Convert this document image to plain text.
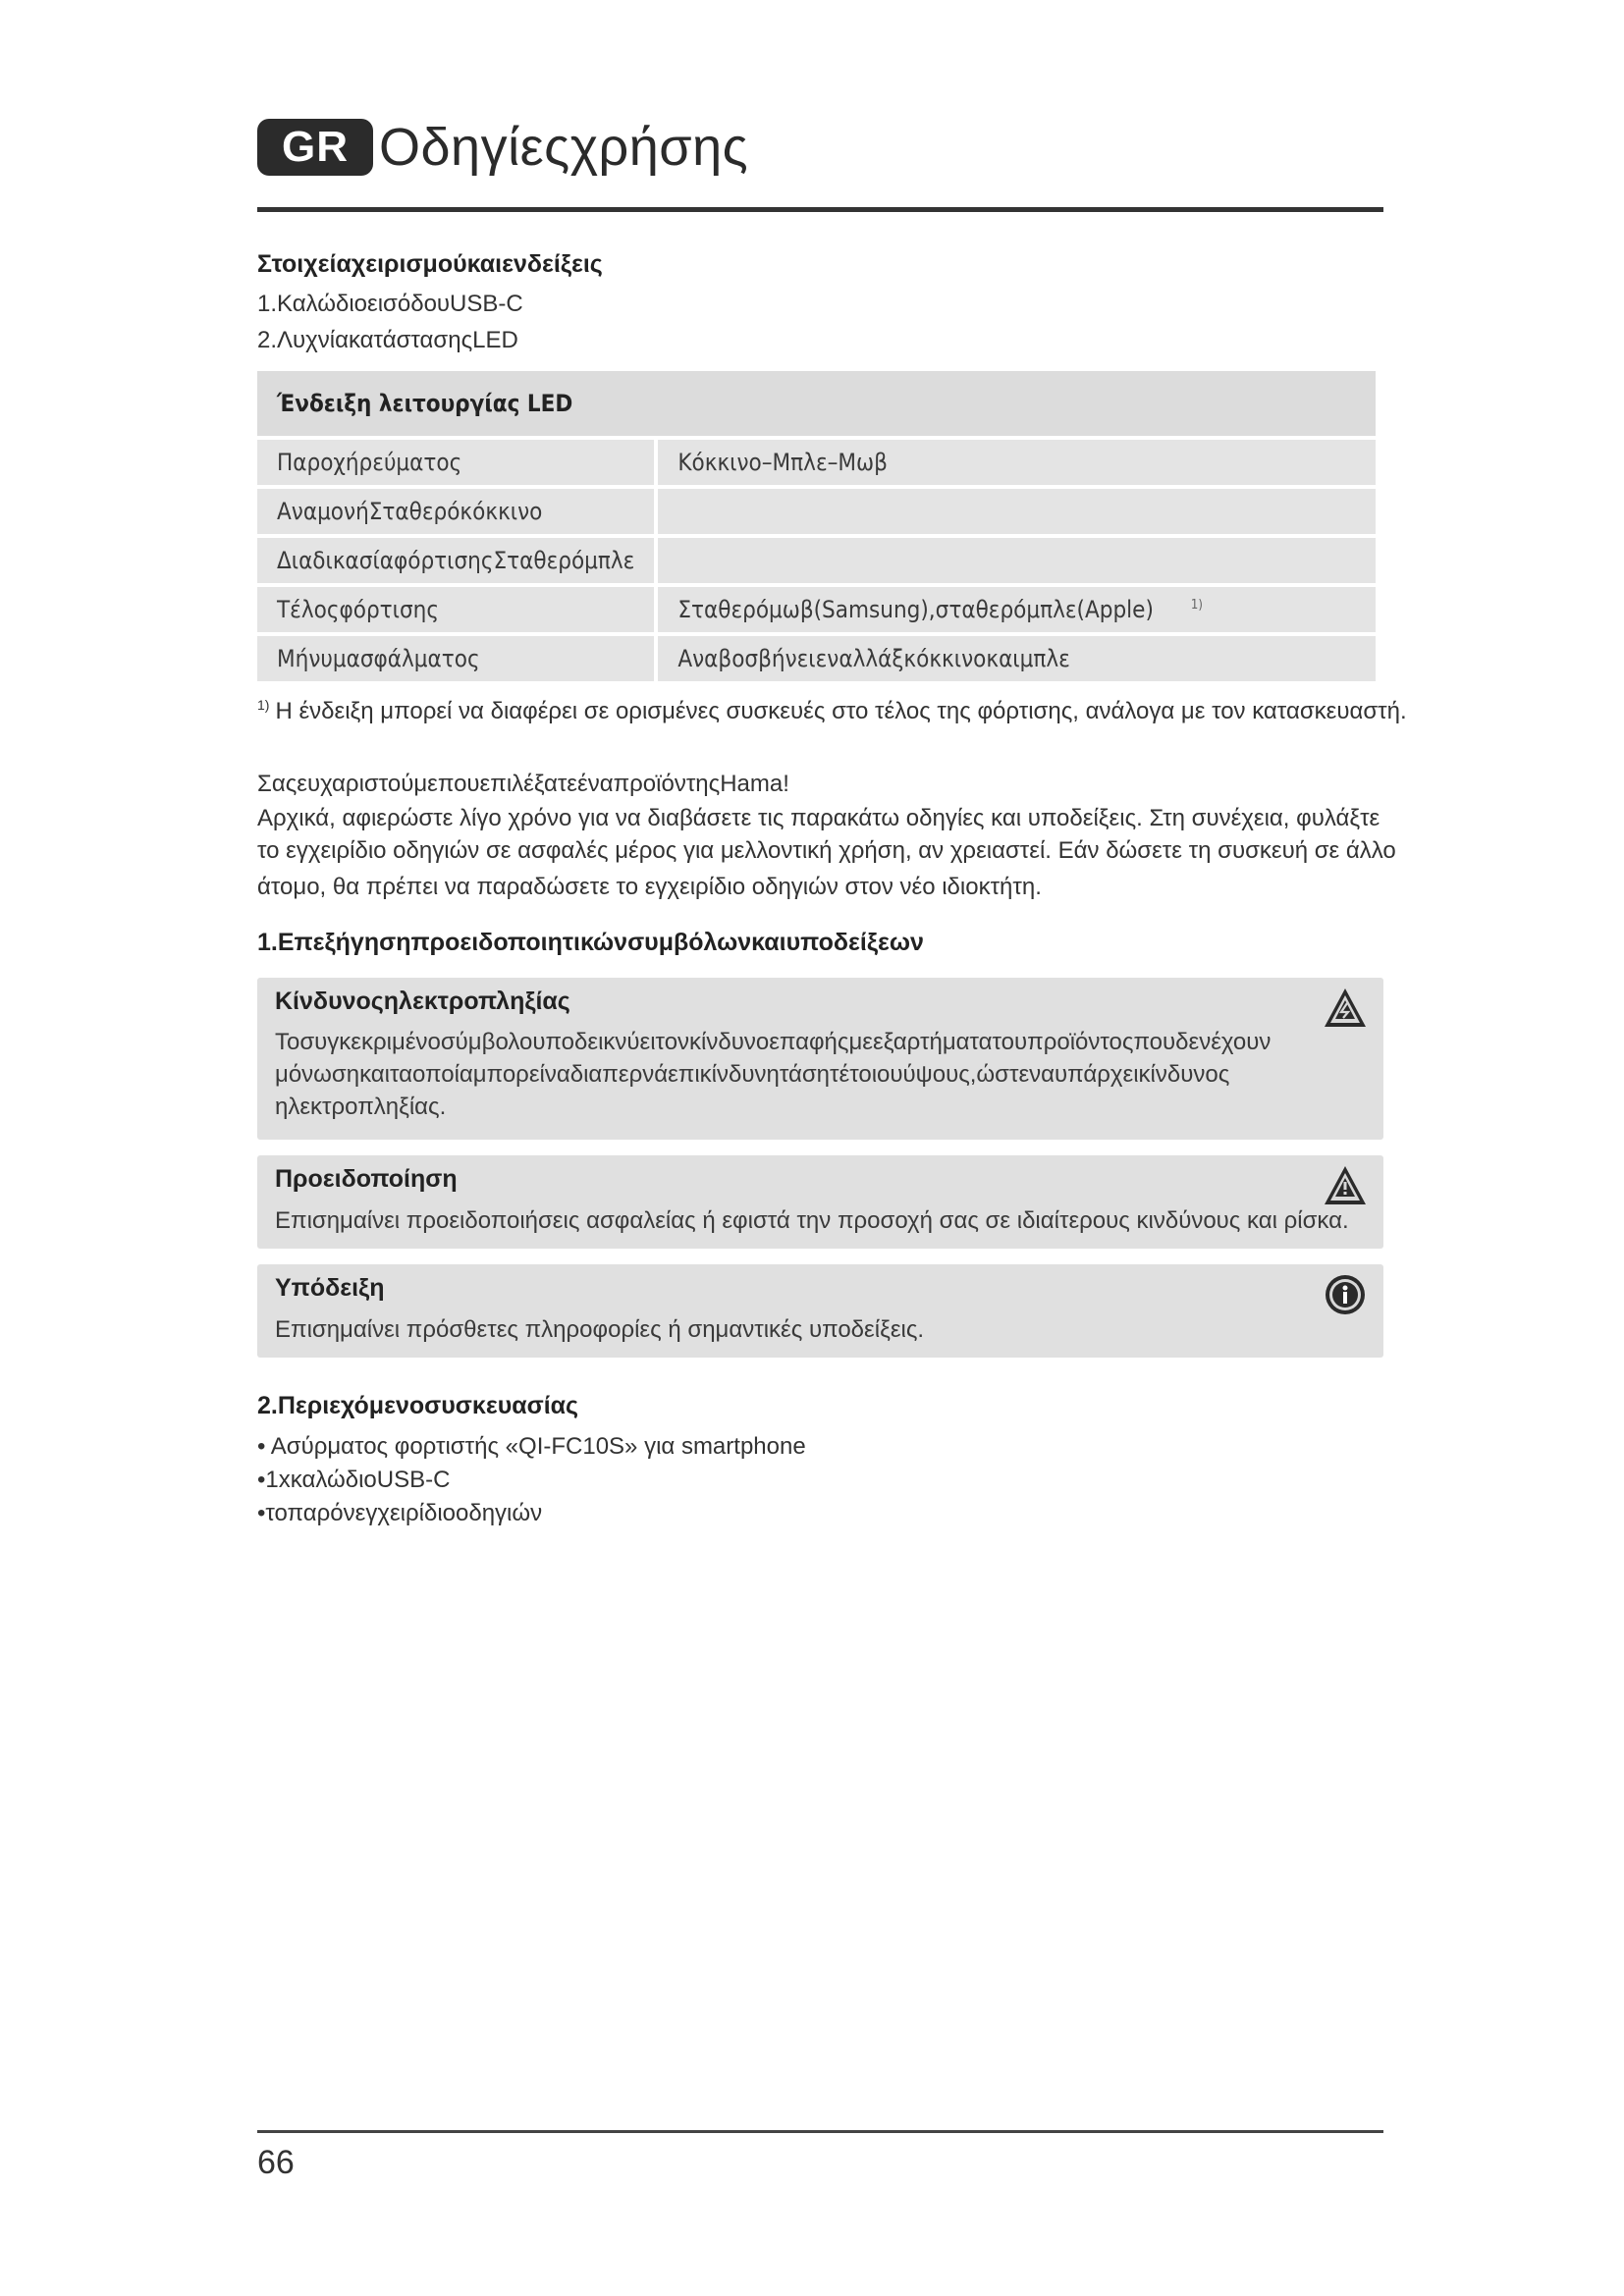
GR Οδηγίεςχρήσης
Στοιχείαχειρισμούκαιενδείξεις
1.ΚαλώδιοεισόδουUSB-C
2.ΛυχνίακατάστασηςLED
Ένδειξη λειτουργίας LED	
Παροχήρεύματος	Κόκκινο–Μπλε–Μωβ
ΑναμονήΣταθερόκόκκινο	
ΔιαδικασίαφόρτισηςΣταθερόμπλε	
Τέλοςφόρτισης	Σταθερόμωβ(Samsung),σταθερόμπλε(Apple) $^{1)}$
Μήνυμασφάλματος	Αναβοσβήνειεναλλάξκόκκινοκαιμπλε
$^{1)}$ Η ένδειξη μπορεί να διαφέρει σε ορισμένες συσκευές στο τέλος της φόρτισης, ανάλογα με τον κατασκευαστή.
ΣαςευχαριστούμεπουεπιλέξατεέναπροϊόντηςHama!
Αρχικά, αφιερώστε λίγο χρόνο για να διαβάσετε τις παρακάτω οδηγίες και υποδείξεις. Στη συνέχεια, φυλάξτε
το εγχειρίδιο οδηγιών σε ασφαλές μέρος για μελλοντική χρήση, αν χρειαστεί. Εάν δώσετε τη συσκευή σε άλλο
άτομο, θα πρέπει να παραδώσετε το εγχειρίδιο οδηγιών στον νέο ιδιοκτήτη.
1.Επεξήγησηπροειδοποιητικώνσυμβόλωνκαιυποδείξεων
Κίνδυνοςηλεκτροπληξίας
Τοσυγκεκριμένοσύμβολουποδεικνύειτονκίνδυνοεπαφήςμεεξαρτήματατουπροϊόντοςπουδενέχουν
μόνωσηκαιταοποίαμπορείναδιαπερνάεπικίνδυνητάσητέτοιουύψους,ώστεναυπάρχεικίνδυνος
ηλεκτροπληξίας.
Προειδοποίηση
Επισημαίνει προειδοποιήσεις ασφαλείας ή εφιστά την προσοχή σας σε ιδιαίτερους κινδύνους και ρίσκα.
Υπόδειξη
Επισημαίνει πρόσθετες πληροφορίες ή σημαντικές υποδείξεις.
2.Περιεχόμενοσυσκευασίας
• Ασύρματος φορτιστής «QI-FC10S» για smartphone
•1xκαλώδιοUSB-C
•τοπαρόνεγχειρίδιοοδηγιών
66
